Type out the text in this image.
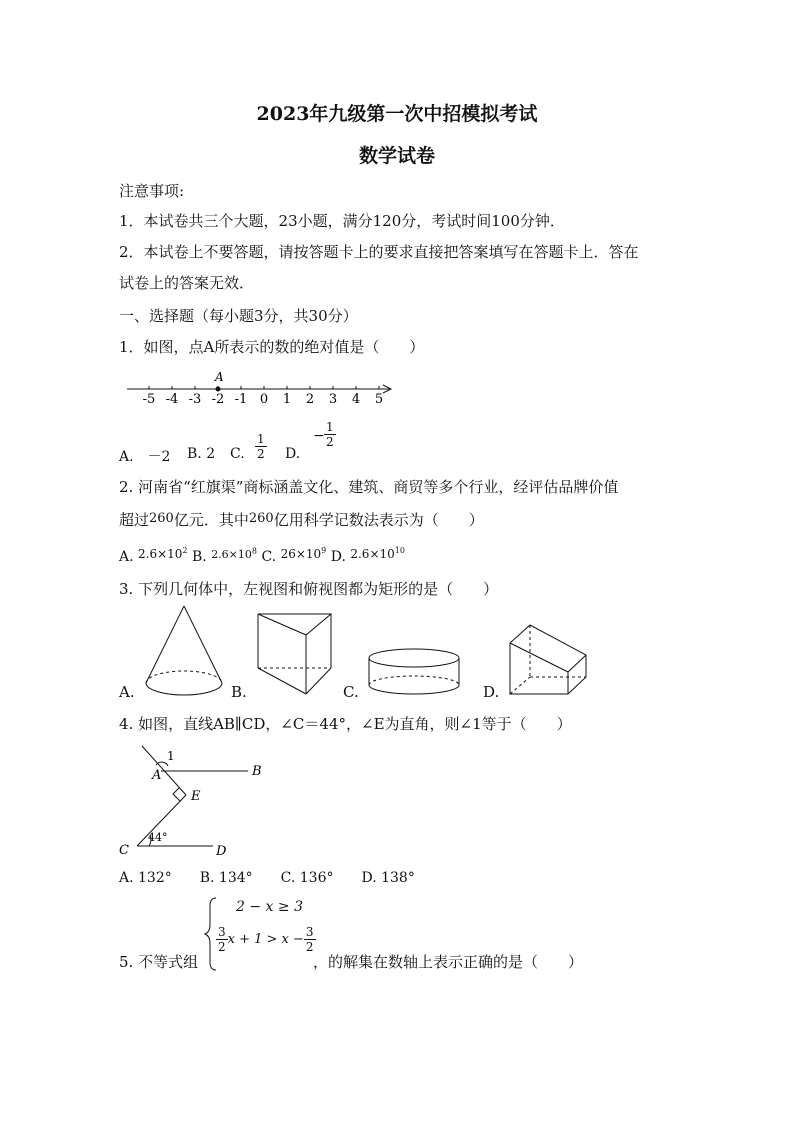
2023年九级第一次中招模拟考试
数学试卷
注意事项:
1．本试卷共三个大题，23小题，满分120分，考试时间100分钟．
2．本试卷上不要答题，请按答题卡上的要求直接把答案填写在答题卡上．答在
试卷上的答案无效．
一、选择题（每小题3分，共30分）
1．如图，点A所表示的数的绝对值是（　　）
-5 -4 -3 -2 -1 0 1 2 3 4 5
A
A.　－2 B. 2 C. $\frac{1}{2} D$.
− $\frac{1}{2}$
2. 河南省“红旗渠”商标涵盖文化、建筑、商贸等多个行业，经评估品牌价值
超过260亿元．其中260亿用科学记数法表示为（　　）
A. $2.6\times 10^2$ B. $^{2.6\times 10^8}$ C. $26\times 10^9$ D. $2.6\times 10^{10}$
3. 下列几何体中，左视图和俯视图都为矩形的是（　　）
A.	B.	C.	D.
4. 如图，直线AB∥CD，∠C＝44°，∠E为直角，则∠1等于（　　）
1
A	B
E
C	D
44°
A. 132°　　B. 134°　　C. 136°　　D. 138°
2 − x ≥ 3
$\frac{3}{2}$ $x + 1 > x - \frac{3}{2}$
5. 不等式组	，的解集在数轴上表示正确的是（　　）
